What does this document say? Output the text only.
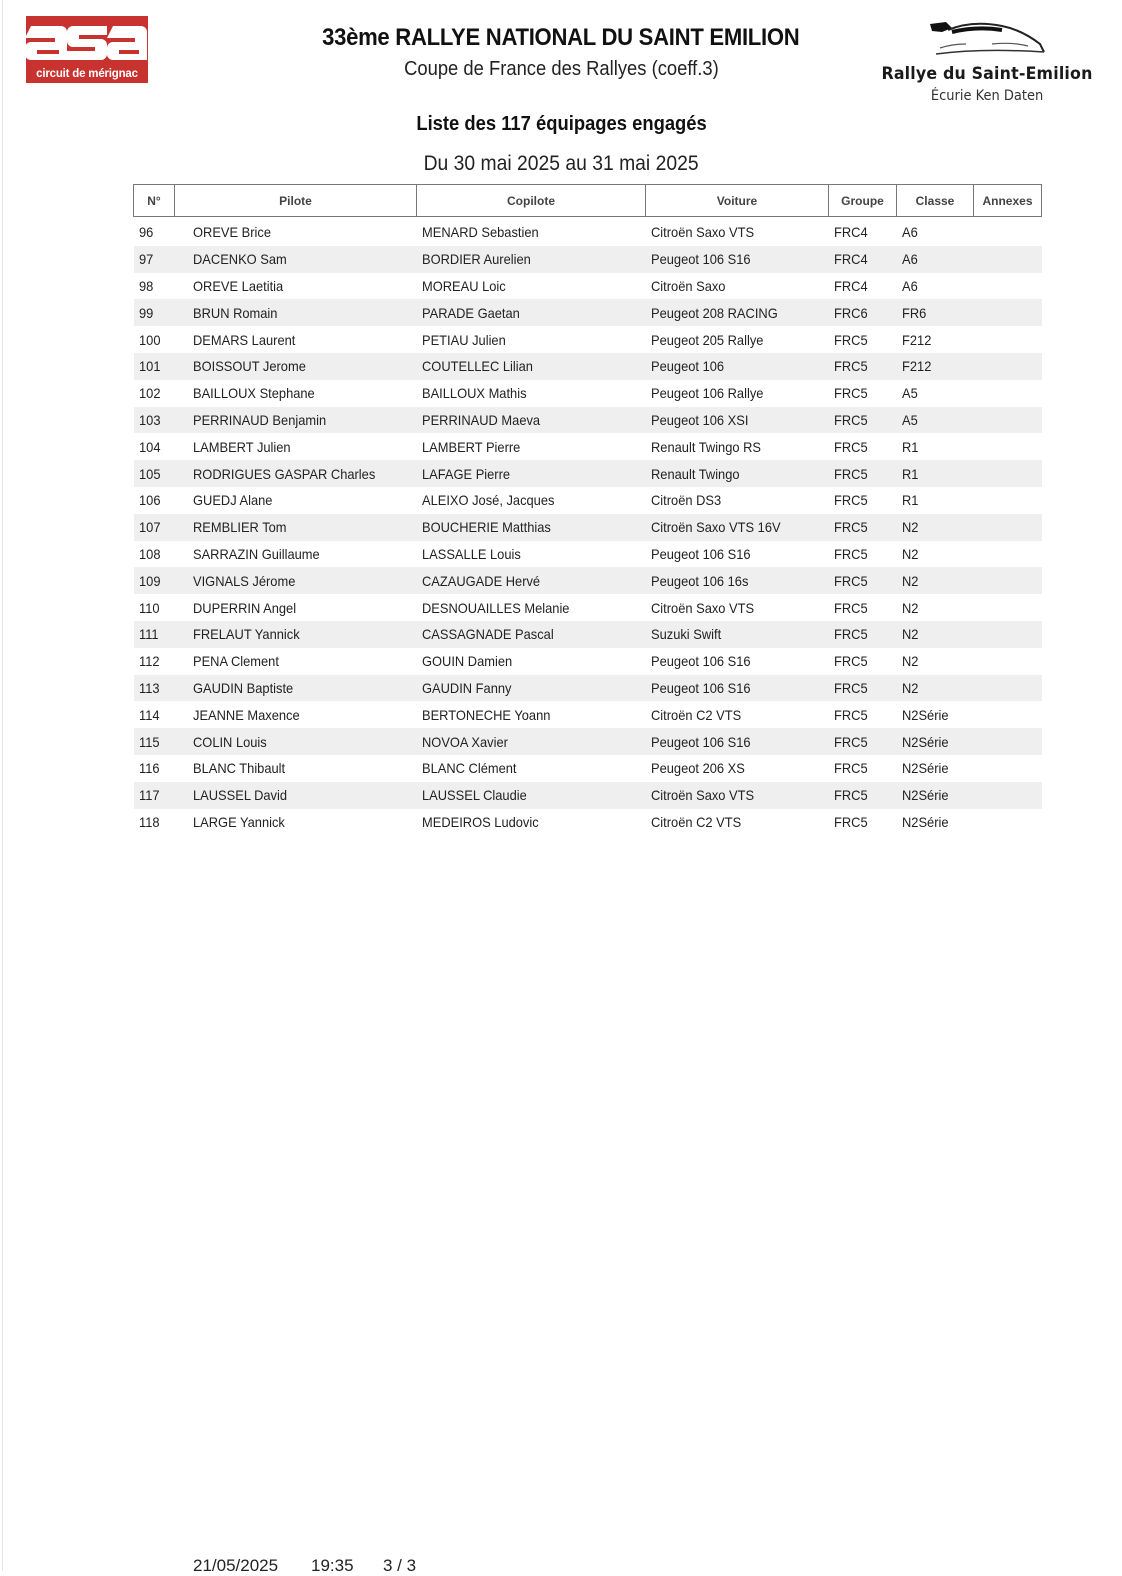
circuit de mérignac
33ème RALLYE NATIONAL DU SAINT EMILION
Coupe de France des Rallyes (coeff.3)
Liste des 117 équipages engagés
Du 30 mai 2025 au 31 mai 2025
Rallye du Saint-Emilion
Écurie Ken Daten
N°	Pilote	Copilote	Voiture	Groupe	Classe	Annexes
96	OREVE Brice	MENARD Sebastien	Citroën Saxo VTS	FRC4	A6	
97	DACENKO Sam	BORDIER Aurelien	Peugeot 106 S16	FRC4	A6	
98	OREVE Laetitia	MOREAU Loic	Citroën Saxo	FRC4	A6	
99	BRUN Romain	PARADE Gaetan	Peugeot 208 RACING	FRC6	FR6	
100	DEMARS Laurent	PETIAU Julien	Peugeot 205 Rallye	FRC5	F212	
101	BOISSOUT Jerome	COUTELLEC Lilian	Peugeot 106	FRC5	F212	
102	BAILLOUX Stephane	BAILLOUX Mathis	Peugeot 106 Rallye	FRC5	A5	
103	PERRINAUD Benjamin	PERRINAUD Maeva	Peugeot 106 XSI	FRC5	A5	
104	LAMBERT Julien	LAMBERT Pierre	Renault Twingo RS	FRC5	R1	
105	RODRIGUES GASPAR Charles	LAFAGE Pierre	Renault Twingo	FRC5	R1	
106	GUEDJ Alane	ALEIXO José, Jacques	Citroën DS3	FRC5	R1	
107	REMBLIER Tom	BOUCHERIE Matthias	Citroën Saxo VTS 16V	FRC5	N2	
108	SARRAZIN Guillaume	LASSALLE Louis	Peugeot 106 S16	FRC5	N2	
109	VIGNALS Jérome	CAZAUGADE Hervé	Peugeot 106 16s	FRC5	N2	
110	DUPERRIN Angel	DESNOUAILLES Melanie	Citroën Saxo VTS	FRC5	N2	
111	FRELAUT Yannick	CASSAGNADE Pascal	Suzuki Swift	FRC5	N2	
112	PENA Clement	GOUIN Damien	Peugeot 106 S16	FRC5	N2	
113	GAUDIN Baptiste	GAUDIN Fanny	Peugeot 106 S16	FRC5	N2	
114	JEANNE Maxence	BERTONECHE Yoann	Citroën C2 VTS	FRC5	N2Série	
115	COLIN Louis	NOVOA Xavier	Peugeot 106 S16	FRC5	N2Série	
116	BLANC Thibault	BLANC Clément	Peugeot 206 XS	FRC5	N2Série	
117	LAUSSEL David	LAUSSEL Claudie	Citroën Saxo VTS	FRC5	N2Série	
118	LARGE Yannick	MEDEIROS Ludovic	Citroën C2 VTS	FRC5	N2Série	
21/05/2025 19:35 3 / 3
